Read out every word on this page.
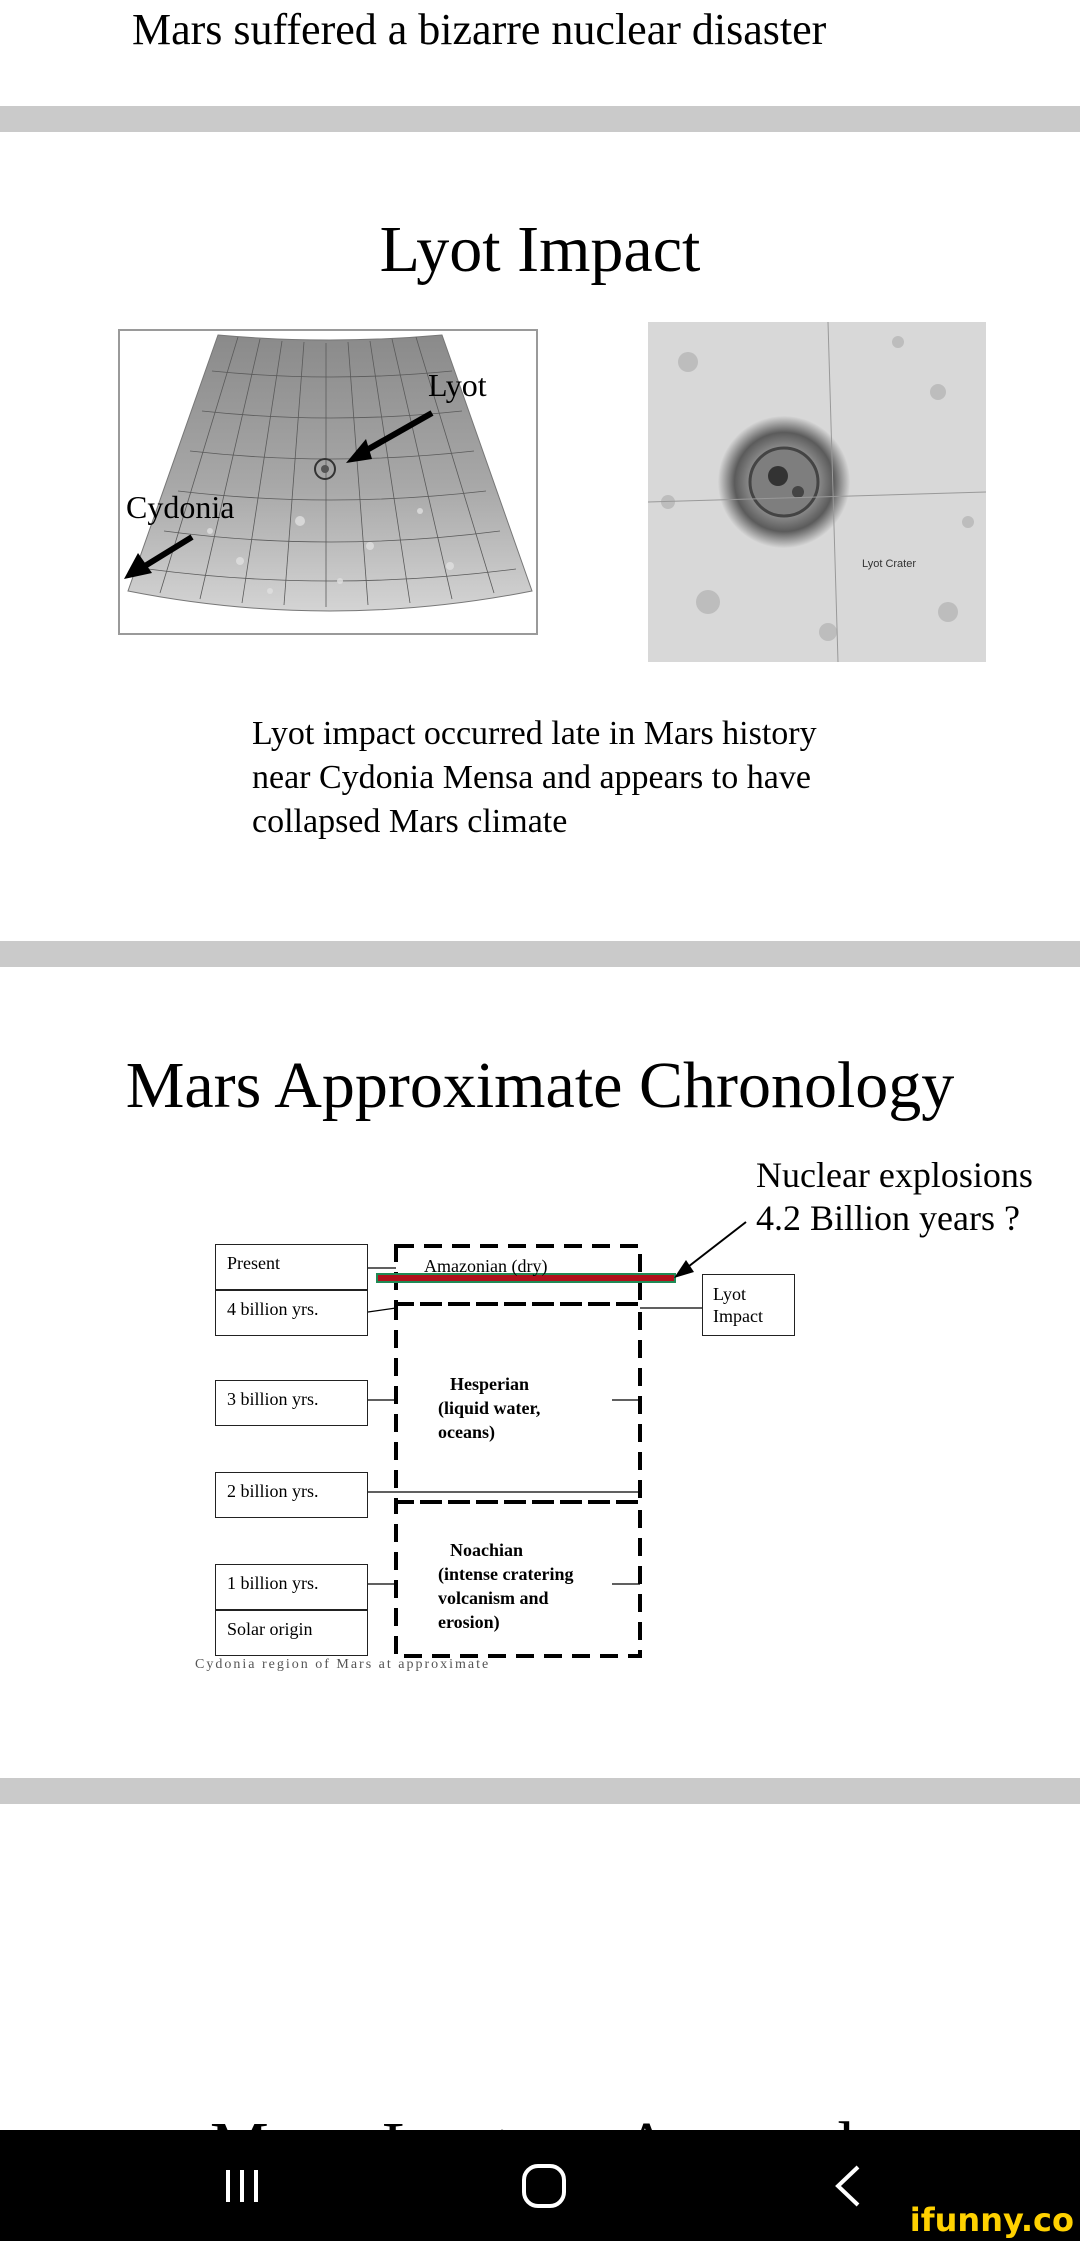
Mars suffered a bizarre nuclear disaster
Lyot Impact
Lyot
Cydonia
Lyot Crater
Lyot impact occurred late in Mars history
near Cydonia Mensa and appears to have
collapsed Mars climate
Mars Approximate Chronology
Nuclear explosions
4.2 Billion years ?
Present
4 billion yrs.
3 billion yrs.
2 billion yrs.
1 billion yrs.
Solar origin
Amazonian (dry)
Hesperian
(liquid water,
oceans)
Noachian
(intense cratering
volcanism and
erosion)
Lyot
Impact
Cydonia region of Mars at approximate
ifunny.co
